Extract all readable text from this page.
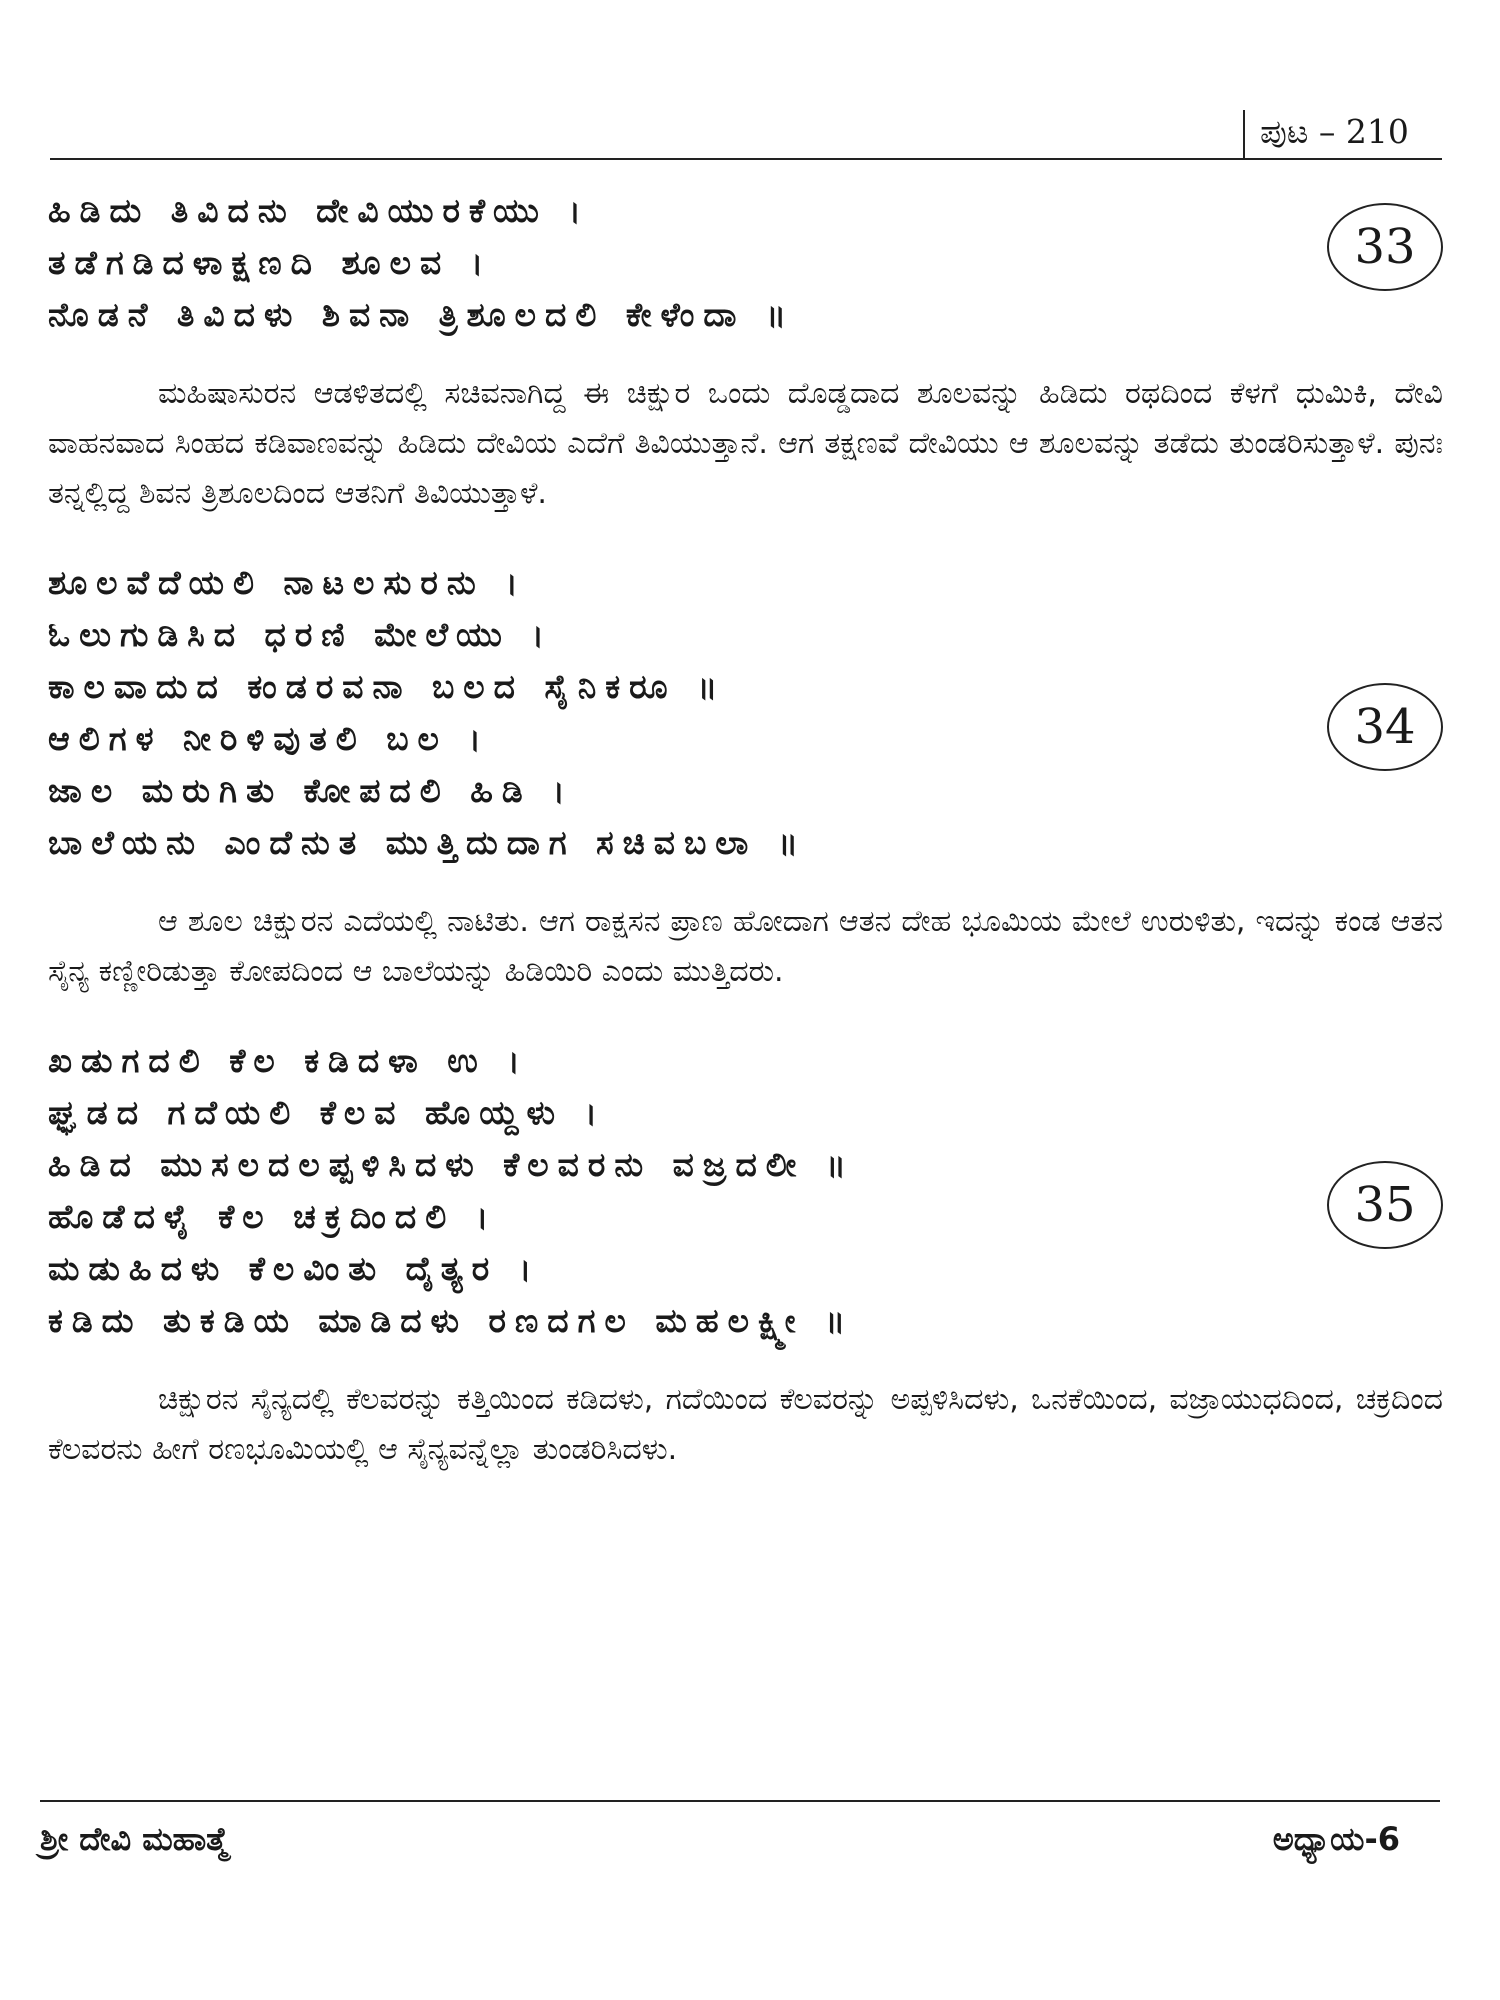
ಪುಟ – 210
33
ಹಿಡಿದು ತಿವಿದನು ದೇವಿಯುರಕೆಯು ।
ತಡೆಗಡಿದಳಾಕ್ಷಣದಿ ಶೂಲವ ।
ನೊಡನೆ ತಿವಿದಳು ಶಿವನಾ ತ್ರಿಶೂಲದಲಿ ಕೇಳೆಂದಾ ॥

ಮಹಿಷಾಸುರನ ಆಡಳಿತದಲ್ಲಿ ಸಚಿವನಾಗಿದ್ದ ಈ ಚಿಕ್ಷುರ ಒಂದು ದೊಡ್ಡದಾದ ಶೂಲವನ್ನು ಹಿಡಿದು ರಥದಿಂದ ಕೆಳಗೆ ಧುಮಿಕಿ, ದೇವಿ ವಾಹನವಾದ ಸಿಂಹದ ಕಡಿವಾಣವನ್ನು ಹಿಡಿದು ದೇವಿಯ ಎದೆಗೆ ತಿವಿಯುತ್ತಾನೆ. ಆಗ ತಕ್ಷಣವೆ ದೇವಿಯು ಆ ಶೂಲವನ್ನು ತಡೆದು ತುಂಡರಿಸುತ್ತಾಳೆ. ಪುನಃ ತನ್ನಲ್ಲಿದ್ದ ಶಿವನ ತ್ರಿಶೂಲದಿಂದ ಆತನಿಗೆ ತಿವಿಯುತ್ತಾಳೆ.

34
ಶೂಲವೆದೆಯಲಿ ನಾಟಲಸುರನು ।
ಓಲುಗುಡಿಸಿದ ಧರಣಿ ಮೇಲೆಯು ।
ಕಾಲವಾದುದ ಕಂಡರವನಾ ಬಲದ ಸೈನಿಕರೂ ॥
ಆಲಿಗಳ ನೀರಿಳಿವುತಲಿ ಬಲ ।
ಜಾಲ ಮರುಗಿತು ಕೋಪದಲಿ ಹಿಡಿ ।
ಬಾಲೆಯನು ಎಂದೆನುತ ಮುತ್ತಿದುದಾಗ ಸಚಿವಬಲಾ ॥

ಆ ಶೂಲ ಚಿಕ್ಷುರನ ಎದೆಯಲ್ಲಿ ನಾಟಿತು. ಆಗ ರಾಕ್ಷಸನ ಪ್ರಾಣ ಹೋದಾಗ ಆತನ ದೇಹ ಭೂಮಿಯ ಮೇಲೆ ಉರುಳಿತು, ಇದನ್ನು ಕಂಡ ಆತನ ಸೈನ್ಯ ಕಣ್ಣೀರಿಡುತ್ತಾ ಕೋಪದಿಂದ ಆ ಬಾಲೆಯನ್ನು ಹಿಡಿಯಿರಿ ಎಂದು ಮುತ್ತಿದರು.

35
ಖಡುಗದಲಿ ಕೆಲ ಕಡಿದಳಾ ಉ ।
ಘ್ಘಡದ ಗದೆಯಲಿ ಕೆಲವ ಹೊಯ್ದಳು ।
ಹಿಡಿದ ಮುಸಲದಲಪ್ಪಳಿಸಿದಳು ಕೆಲವರನು ವಜ್ರದಲೀ ॥
ಹೊಡೆದಳೈ ಕೆಲ ಚಕ್ರದಿಂದಲಿ ।
ಮಡುಹಿದಳು ಕೆಲವಿಂತು ದೈತ್ಯರ ।
ಕಡಿದು ತುಕಡಿಯ ಮಾಡಿದಳು ರಣದಗಲ ಮಹಲಕ್ಷ್ಮೀ ॥

ಚಿಕ್ಷುರನ ಸೈನ್ಯದಲ್ಲಿ ಕೆಲವರನ್ನು ಕತ್ತಿಯಿಂದ ಕಡಿದಳು, ಗದೆಯಿಂದ ಕೆಲವರನ್ನು ಅಪ್ಪಳಿಸಿದಳು, ಒನಕೆಯಿಂದ, ವಜ್ರಾಯುಧದಿಂದ, ಚಕ್ರದಿಂದ ಕೆಲವರನು ಹೀಗೆ ರಣಭೂಮಿಯಲ್ಲಿ ಆ ಸೈನ್ಯವನ್ನೆಲ್ಲಾ ತುಂಡರಿಸಿದಳು.

ಶ್ರೀ ದೇವಿ ಮಹಾತ್ಮೆ	ಅಧ್ಯಾಯ-6
